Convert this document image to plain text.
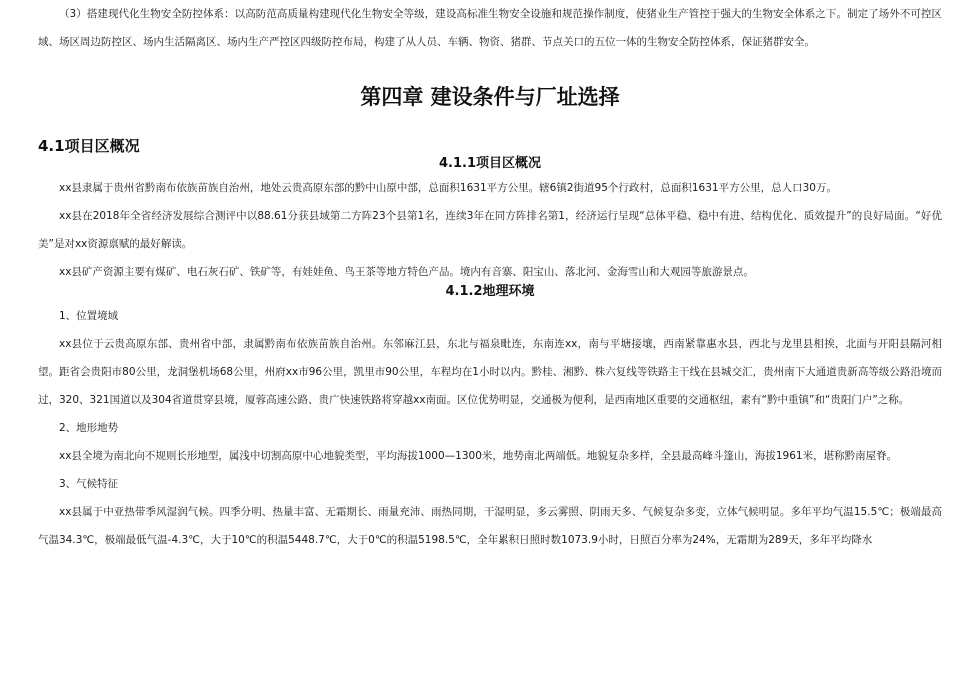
（3）搭建现代化生物安全防控体系：以高防范高质量构建现代化生物安全等级，建设高标准生物安全设施和规范操作制度，使猪业生产管控于强大的生物安全体系之下。制定了场外不可控区域、场区周边防控区、场内生活隔离区、场内生产严控区四级防控布局，构建了从人员、车辆、物资、猪群、节点关口的五位一体的生物安全防控体系，保证猪群安全。

第四章 建设条件与厂址选择
4.1项目区概况
4.1.1项目区概况

xx县隶属于贵州省黔南布依族苗族自治州，地处云贵高原东部的黔中山原中部，总面积1631平方公里。辖6镇2街道95个行政村，总面积1631平方公里，总人口30万。

xx县在2018年全省经济发展综合测评中以88.61分获县域第二方阵23个县第1名，连续3年在同方阵排名第1，经济运行呈现“总体平稳、稳中有进、结构优化、质效提升”的良好局面。“好优美”是对xx资源禀赋的最好解读。

xx县矿产资源主要有煤矿、电石灰石矿、铁矿等，有娃娃鱼、鸟王茶等地方特色产品。境内有音寨、阳宝山、落北河、金海雪山和大观园等旅游景点。

4.1.2地理环境

1、位置境域

xx县位于云贵高原东部、贵州省中部，隶属黔南布依族苗族自治州。东邻麻江县，东北与福泉毗连，东南连xx，南与平塘接壤，西南紧靠惠水县，西北与龙里县相挨，北面与开阳县隔河相望。距省会贵阳市80公里，龙洞堡机场68公里，州府xx市96公里，凯里市90公里，车程均在1小时以内。黔桂、湘黔、株六复线等铁路主干线在县城交汇，贵州南下大通道贵新高等级公路沿境而过，320、321国道以及304省道贯穿县境，厦蓉高速公路、贵广快速铁路将穿越xx南面。区位优势明显，交通极为便利，是西南地区重要的交通枢纽，素有“黔中重镇”和“贵阳门户”之称。

2、地形地势

xx县全境为南北向不规则长形地型，属浅中切割高原中心地貌类型，平均海拔1000—1300米，地势南北两端低。地貌复杂多样，全县最高峰斗篷山，海拔1961米，堪称黔南屋脊。

3、气候特征

xx县属于中亚热带季风湿润气候。四季分明、热量丰富、无霜期长、雨量充沛、雨热同期，干湿明显，多云雾照、阴雨天多、气候复杂多变，立体气候明显。多年平均气温15.5℃；极端最高气温34.3℃，极端最低气温-4.3℃，大于10℃的积温5448.7℃，大于0℃的积温5198.5℃，全年累积日照时数1073.9小时，日照百分率为24%，无霜期为289天，多年平均降水
